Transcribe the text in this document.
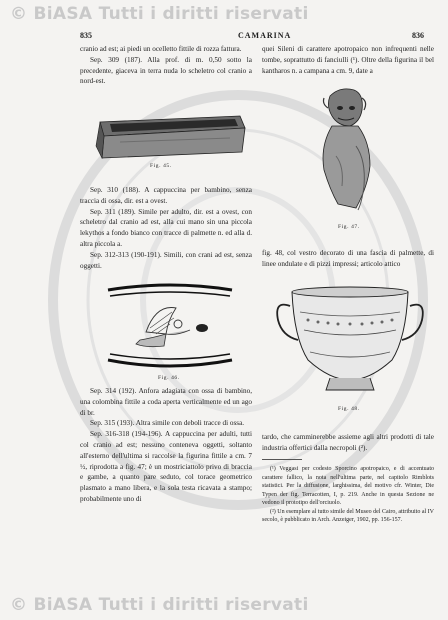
© BiASA Tutti i diritti riservati
835	CAMARINA	836

cranio ad est; ai piedi un ocelletto fittile di rozza fattura.

Sep. 309 (187). Alla prof. di m. 0,50 sotto la precedente, giaceva in terra nuda lo scheletro col cranio a nord-est.

Fig. 45.

Sep. 310 (188). A cappuccina per bambino, senza traccia di ossa, dir. est a ovest.

Sep. 311 (189). Simile per adulto, dir. est a ovest, con scheletro dal cranio ad est, alla cui mano sin una piccola lekythos a fondo bianco con tracce di palmette n. ed alla d. altra piccola a.

Sep. 312-313 (190-191). Simili, con crani ad est, senza oggetti.

Fig. 46.

Sep. 314 (192). Anfora adagiata con ossa di bambino, una colombina fittile a coda aperta verticalmente ed un ago di br.

Sep. 315 (193). Altra simile con deboli tracce di ossa.

Sep. 316-318 (194-196). A cappuccina per adulti, tutti col cranio ad est; nessuno conteneva oggetti, soltanto all'esterno dell'ultima si raccolse la figurina fittile a cm. 7 ½, riprodotta a fig. 47; è un mostriciattolo privo di braccia e gambe, a quanto pare seduto, col torace geometrico plasmato a mano libera, e la sola testa ricavata a stampo; probabilmente uno di

quei Sileni di carattere apotropaico non infrequenti nelle tombe, soprattutto di fanciulli (¹). Oltre della figurina il bel kantharos n. a campana a cm. 9, date a

Fig. 47.

fig. 48, col vestro decorato di una fascia di palmette, di linee ondulate e di pizzi impressi; articolo attico

Fig. 48.

tardo, che camminerebbe assieme agli altri prodotti di tale industria offertici dalla necropoli (²).

(¹) Veggasi per codesto Sporcino apotropaico, e di accentuato carattere fallico, la nota nell'ultima parte, nel capitolo Rimblots statistici. Per la diffusione, larghissima, del motivo cfr. Winter, Die Typen der fig. Terracotten, I, p. 219. Anche in questa Sezione ne vedono il prototipo dell'orciuolo.

(²) Un esemplare al tutto simile del Museo del Cairo, attribuito al IV secolo, è pubblicato in Arch. Anzeiger, 1902, pp. 156-157.

© BiASA Tutti i diritti riservati
